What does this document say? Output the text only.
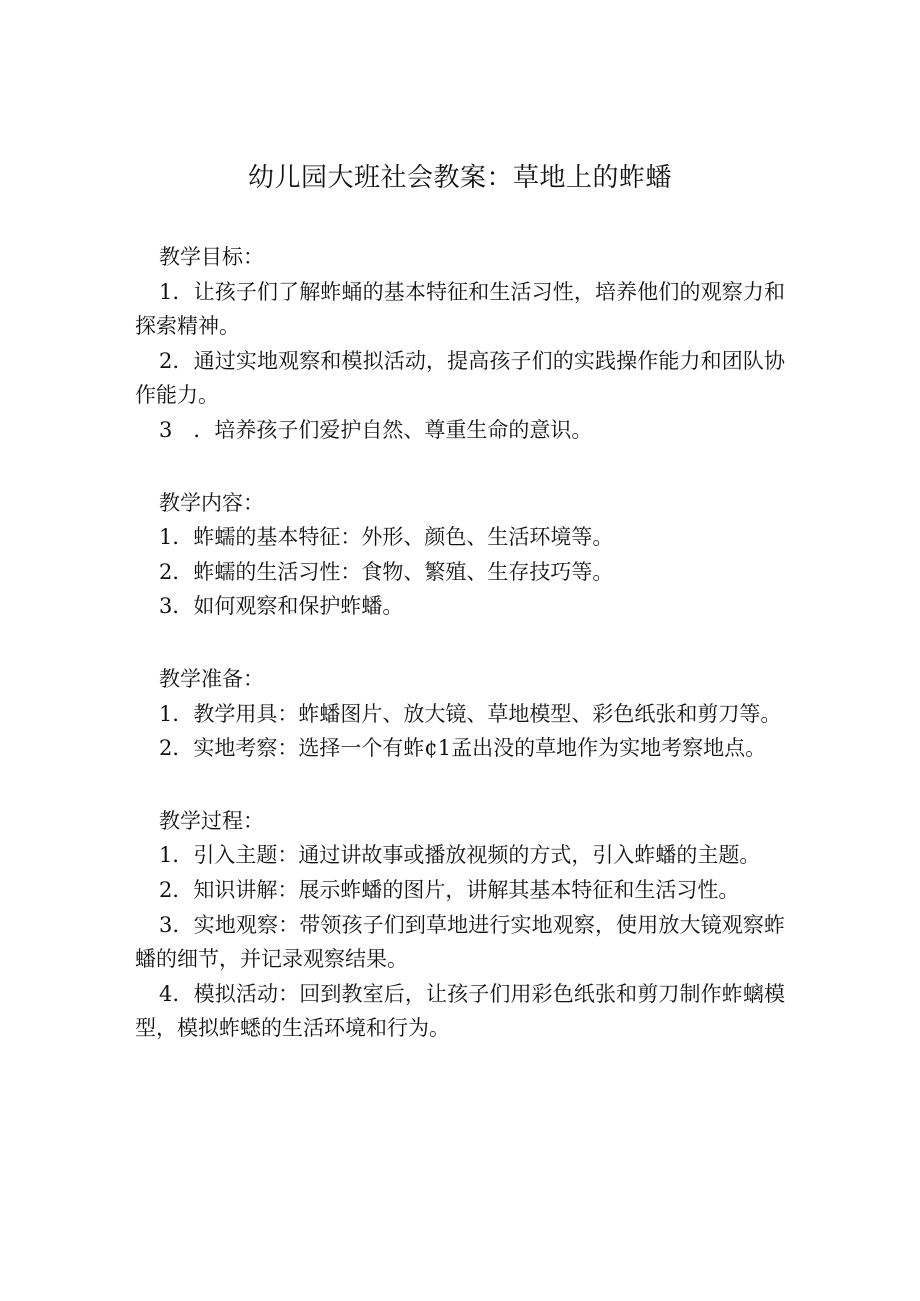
幼儿园大班社会教案：草地上的蚱蟠
教学目标：
1．让孩子们了解蚱蛹的基本特征和生活习性，培养他们的观察力和探索精神。
2．通过实地观察和模拟活动，提高孩子们的实践操作能力和团队协作能力。
3　．培养孩子们爱护自然、尊重生命的意识。
教学内容：
1．蚱蠕的基本特征：外形、颜色、生活环境等。
2．蚱蠕的生活习性：食物、繁殖、生存技巧等。
3．如何观察和保护蚱蟠。
教学准备：
1．教学用具：蚱蟠图片、放大镜、草地模型、彩色纸张和剪刀等。
2．实地考察：选择一个有蚱¢1孟出没的草地作为实地考察地点。
教学过程：
1．引入主题：通过讲故事或播放视频的方式，引入蚱蟠的主题。
2．知识讲解：展示蚱蟠的图片，讲解其基本特征和生活习性。
3．实地观察：带领孩子们到草地进行实地观察，使用放大镜观察蚱蟠的细节，并记录观察结果。
4．模拟活动：回到教室后，让孩子们用彩色纸张和剪刀制作蚱螭模型，模拟蚱蟋的生活环境和行为。
